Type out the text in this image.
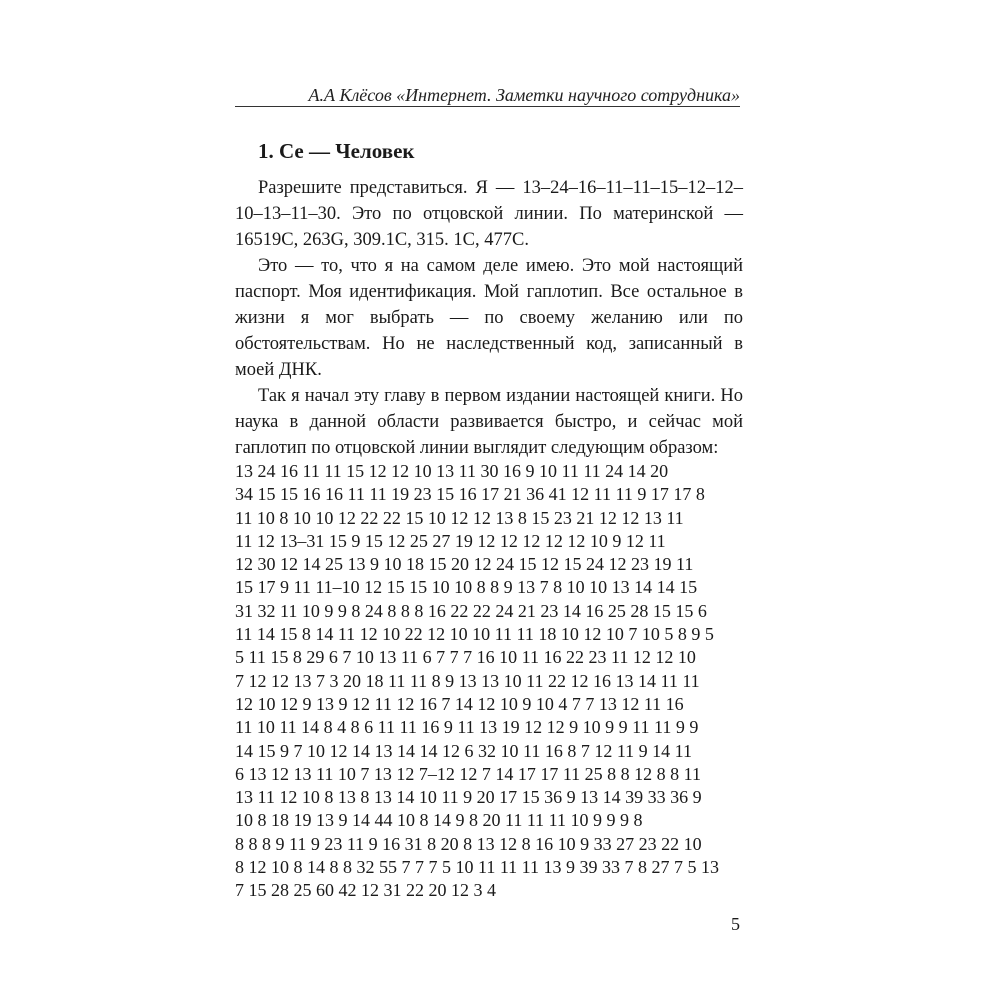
А.А Клёсов «Интернет. Заметки научного сотрудника»
1. Се — Человек

Разрешите представиться. Я — 13–24–16–11–11–15–12–12–10–13–11–30. Это по отцовской линии. По материнской — 16519C, 263G, 309.1C, 315. 1C, 477C.

Это — то, что я на самом деле имею. Это мой настоящий паспорт. Моя идентификация. Мой гаплотип. Все остальное в жизни я мог выбрать — по своему желанию или по обстоятельствам. Но не наследственный код, записанный в моей ДНК.

Так я начал эту главу в первом издании настоящей книги. Но наука в данной области развивается быстро, и сейчас мой гаплотип по отцовской линии выглядит следующим образом:

13 24 16 11 11 15 12 12 10 13 11 30 16 9 10 11 11 24 14 20
34 15 15 16 16 11 11 19 23 15 16 17 21 36 41 12 11 11 9 17 17 8
11 10 8 10 10 12 22 22 15 10 12 12 13 8 15 23 21 12 12 13 11
11 12 13–31 15 9 15 12 25 27 19 12 12 12 12 12 10 9 12 11
12 30 12 14 25 13 9 10 18 15 20 12 24 15 12 15 24 12 23 19 11
15 17 9 11 11–10 12 15 15 10 10 8 8 9 13 7 8 10 10 13 14 14 15
31 32 11 10 9 9 8 24 8 8 8 16 22 22 24 21 23 14 16 25 28 15 15 6
11 14 15 8 14 11 12 10 22 12 10 10 11 11 18 10 12 10 7 10 5 8 9 5
5 11 15 8 29 6 7 10 13 11 6 7 7 7 16 10 11 16 22 23 11 12 12 10
7 12 12 13 7 3 20 18 11 11 8 9 13 13 10 11 22 12 16 13 14 11 11
12 10 12 9 13 9 12 11 12 16 7 14 12 10 9 10 4 7 7 13 12 11 16
11 10 11 14 8 4 8 6 11 11 16 9 11 13 19 12 12 9 10 9 9 11 11 9 9
14 15 9 7 10 12 14 13 14 14 12 6 32 10 11 16 8 7 12 11 9 14 11
6 13 12 13 11 10 7 13 12 7–12 12 7 14 17 17 11 25 8 8 12 8 8 11
13 11 12 10 8 13 8 13 14 10 11 9 20 17 15 36 9 13 14 39 33 36 9
10 8 18 19 13 9 14 44 10 8 14 9 8 20 11 11 11 10 9 9 9 8
8 8 8 9 11 9 23 11 9 16 31 8 20 8 13 12 8 16 10 9 33 27 23 22 10
8 12 10 8 14 8 8 32 55 7 7 7 5 10 11 11 11 13 9 39 33 7 8 27 7 5 13
7 15 28 25 60 42 12 31 22 20 12 3 4
5
